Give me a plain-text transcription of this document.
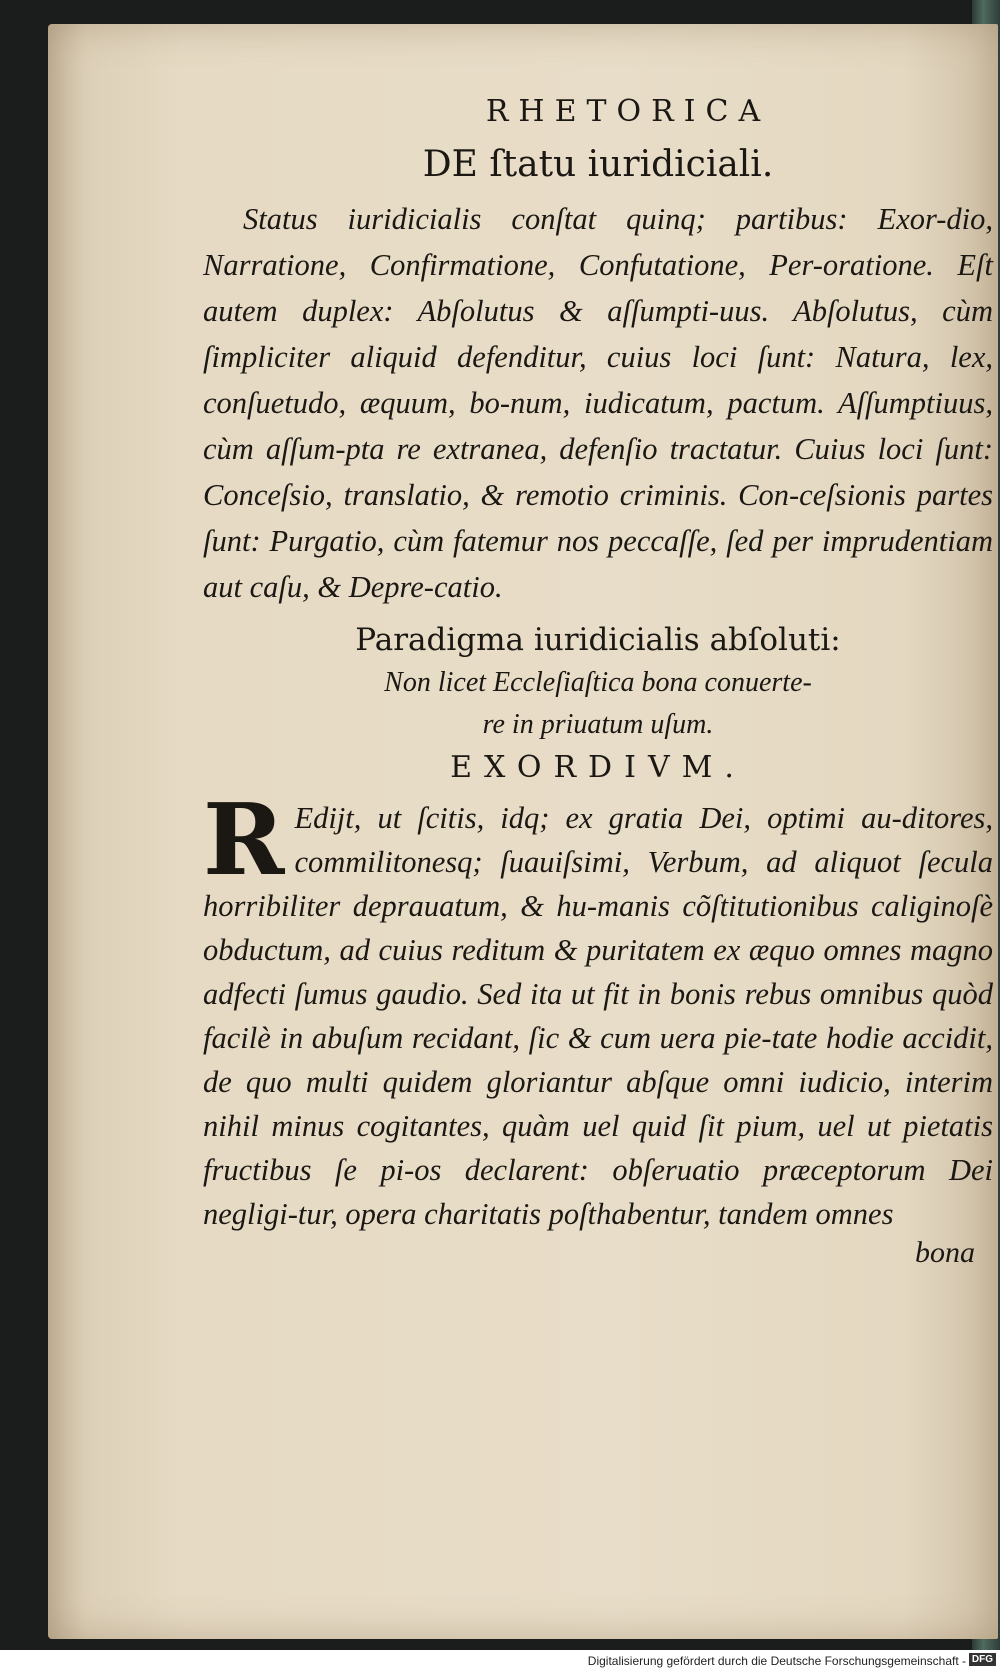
RHETORICA
DE ſtatu iuridiciali.

Status iuridicialis conſtat quinq; partibus: Exor-dio, Narratione, Confirmatione, Confutatione, Per-oratione. Eſt autem duplex: Abſolutus & aſſumpti-uus. Abſolutus, cùm ſimpliciter aliquid defenditur, cuius loci ſunt: Natura, lex, conſuetudo, æquum, bo-num, iudicatum, pactum. Aſſumptiuus, cùm aſſum-pta re extranea, defenſio tractatur. Cuius loci ſunt: Conceſsio, translatio, & remotio criminis. Con-ceſsionis partes ſunt: Purgatio, cùm fatemur nos peccaſſe, ſed per imprudentiam aut caſu, & Depre-catio.

Paradigma iuridicialis abſoluti:
Non licet Eccleſiaſtica bona conuerte-
re in priuatum uſum.
EXORDIVM.

R Edijt, ut ſcitis, idq; ex gratia Dei, optimi au-ditores, commilitonesq; ſuauiſsimi, Verbum, ad aliquot ſecula horribiliter deprauatum, & hu-manis cõſtitutionibus caliginoſè obductum, ad cuius reditum & puritatem ex æquo omnes magno adfecti ſumus gaudio. Sed ita ut fit in bonis rebus omnibus quòd facilè in abuſum recidant, ſic & cum uera pie-tate hodie accidit, de quo multi quidem gloriantur abſque omni iudicio, interim nihil minus cogitantes, quàm uel quid ſit pium, uel ut pietatis fructibus ſe pi-os declarent: obſeruatio præceptorum Dei negligi-tur, opera charitatis poſthabentur, tandem omnes

bona
Digitalisierung gefördert durch die Deutsche Forschungsgemeinschaft - DFG
